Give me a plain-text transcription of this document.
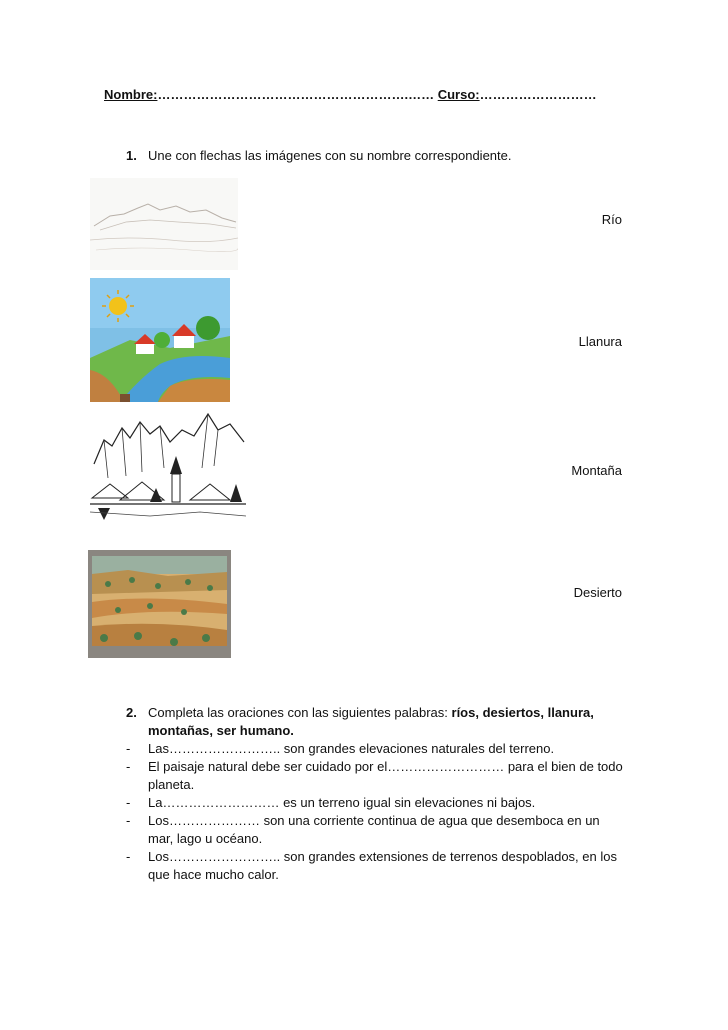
Nombre:………………………………………………….…… Curso:………………………
1. Une con flechas las imágenes con su nombre correspondiente.
Río
Llanura
Montaña
Desierto
2. Completa las oraciones con las siguientes palabras: ríos, desiertos, llanura, montañas, ser humano.
-	Las…………………….. son grandes elevaciones naturales del terreno.
-	El paisaje natural debe ser cuidado por el……………………… para el bien de todo planeta.
-	La……………………… es un terreno igual sin elevaciones ni bajos.
-	Los………………… son una corriente continua de agua que desemboca en un mar, lago u océano.
-	Los…………………….. son grandes extensiones de terrenos despoblados, en los que hace mucho calor.
